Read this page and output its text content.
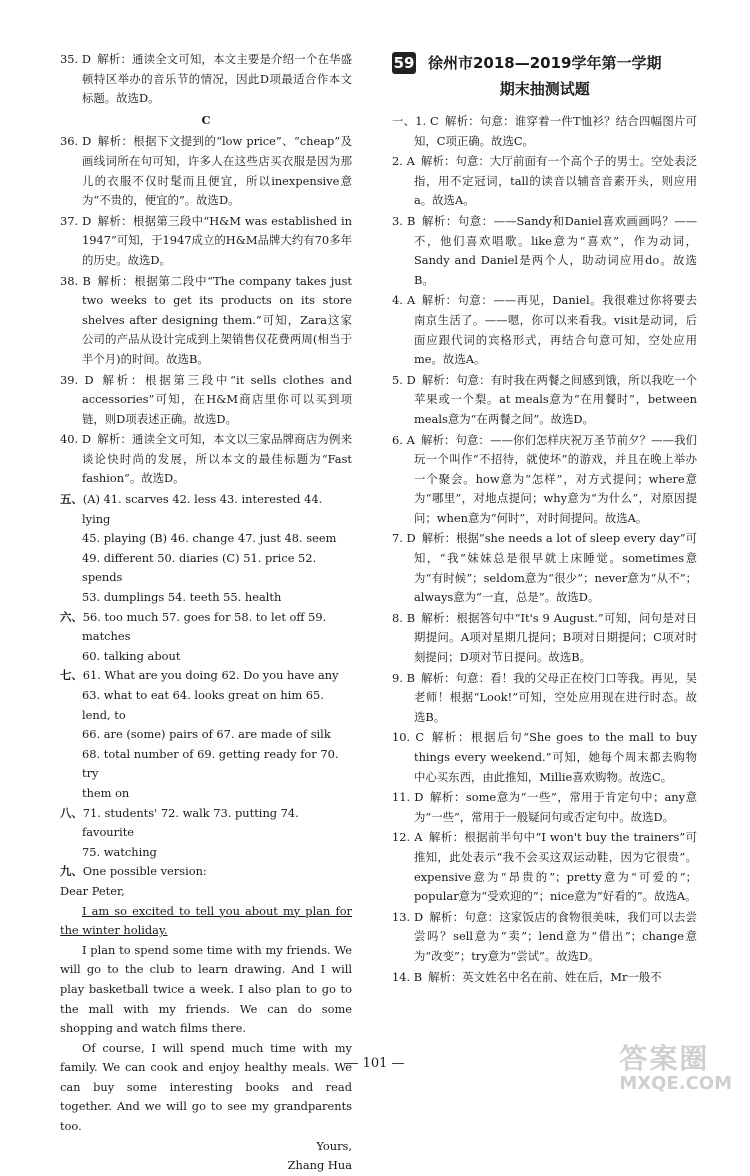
35. D 解析：通读全文可知，本文主要是介绍一个在华盛顿特区举办的音乐节的情况，因此D项最适合作本文标题。故选D。

C

36. D 解析：根据下文提到的“low price”、“cheap”及画线词所在句可知，许多人在这些店买衣服是因为那儿的衣服不仅时髦而且便宜，所以inexpensive意为“不贵的，便宜的”。故选D。

37. D 解析：根据第三段中“H&M was established in 1947”可知，于1947成立的H&M品牌大约有70多年的历史。故选D。

38. B 解析：根据第二段中“The company takes just two weeks to get its products on its store shelves after designing them.”可知，Zara这家公司的产品从设计完成到上架销售仅花费两周(相当于半个月)的时间。故选B。

39. D 解析：根据第三段中“it sells clothes and accessories”可知，在H&M商店里你可以买到项链，则D项表述正确。故选D。

40. D 解析：通读全文可知，本文以三家品牌商店为例来谈论快时尚的发展，所以本文的最佳标题为“Fast fashion”。故选D。

五、(A) 41. scarves 42. less 43. interested 44. lying
45. playing (B) 46. change 47. just 48. seem
49. different 50. diaries (C) 51. price 52. spends
53. dumplings 54. teeth 55. health
六、56. too much 57. goes for 58. to let off 59. matches
60. talking about
七、61. What are you doing 62. Do you have any
63. what to eat 64. looks great on him 65. lend, to
66. are (some) pairs of 67. are made of silk
68. total number of 69. getting ready for 70. try
them on
八、71. students' 72. walk 73. putting 74. favourite
75. watching
九、One possible version:

Dear Peter,

I am so excited to tell you about my plan for the winter holiday.

I plan to spend some time with my friends. We will go to the club to learn drawing. And I will play basketball twice a week. I also plan to go to the mall with my friends. We can do some shopping and watch films there.

Of course, I will spend much time with my family. We can cook and enjoy healthy meals. We can buy some interesting books and read together. And we will go to see my grandparents too.

Yours,

Zhang Hua

59 徐州市2018—2019学年第一学期
期末抽测试题

一、1. C 解析：句意：谁穿着一件T恤衫？结合四幅图片可知，C项正确。故选C。

2. A 解析：句意：大厅前面有一个高个子的男士。空处表泛指，用不定冠词，tall的读音以辅音音素开头，则应用a。故选A。

3. B 解析：句意：——Sandy和Daniel喜欢画画吗？——不，他们喜欢唱歌。like意为“喜欢”，作为动词，Sandy and Daniel是两个人，助动词应用do。故选B。

4. A 解析：句意：——再见，Daniel。我很难过你将要去南京生活了。——嗯，你可以来看我。visit是动词，后面应跟代词的宾格形式，再结合句意可知，空处应用me。故选A。

5. D 解析：句意：有时我在两餐之间感到饿，所以我吃一个苹果或一个梨。at meals意为“在用餐时”，between meals意为“在两餐之间”。故选D。

6. A 解析：句意：——你们怎样庆祝万圣节前夕？——我们玩一个叫作“不招待，就使坏”的游戏，并且在晚上举办一个聚会。how意为“怎样”，对方式提问；where意为“哪里”，对地点提问；why意为“为什么”，对原因提问；when意为“何时”，对时间提问。故选A。

7. D 解析：根据“she needs a lot of sleep every day”可知，“我”妹妹总是很早就上床睡觉。sometimes意为“有时候”；seldom意为“很少”；never意为“从不”；always意为“一直，总是”。故选D。

8. B 解析：根据答句中“It's 9 August.”可知，问句是对日期提问。A项对星期几提问；B项对日期提问；C项对时刻提问；D项对节日提问。故选B。

9. B 解析：句意：看！我的父母正在校门口等我。再见，吴老师！根据“Look!”可知，空处应用现在进行时态。故选B。

10. C 解析：根据后句“She goes to the mall to buy things every weekend.”可知，她每个周末都去购物中心买东西，由此推知，Millie喜欢购物。故选C。

11. D 解析：some意为“一些”，常用于肯定句中；any意为“一些”，常用于一般疑问句或否定句中。故选D。

12. A 解析：根据前半句中“I won't buy the trainers”可推知，此处表示“我不会买这双运动鞋，因为它很贵”。expensive意为“昂贵的”；pretty意为“可爱的”；popular意为“受欢迎的”；nice意为“好看的”。故选A。

13. D 解析：句意：这家饭店的食物很美味，我们可以去尝尝吗？sell意为“卖”；lend意为“借出”；change意为“改变”；try意为“尝试”。故选D。

14. B 解析：英文姓名中名在前、姓在后，Mr一般不

— 101 —	答案圈
MXQE.COM
